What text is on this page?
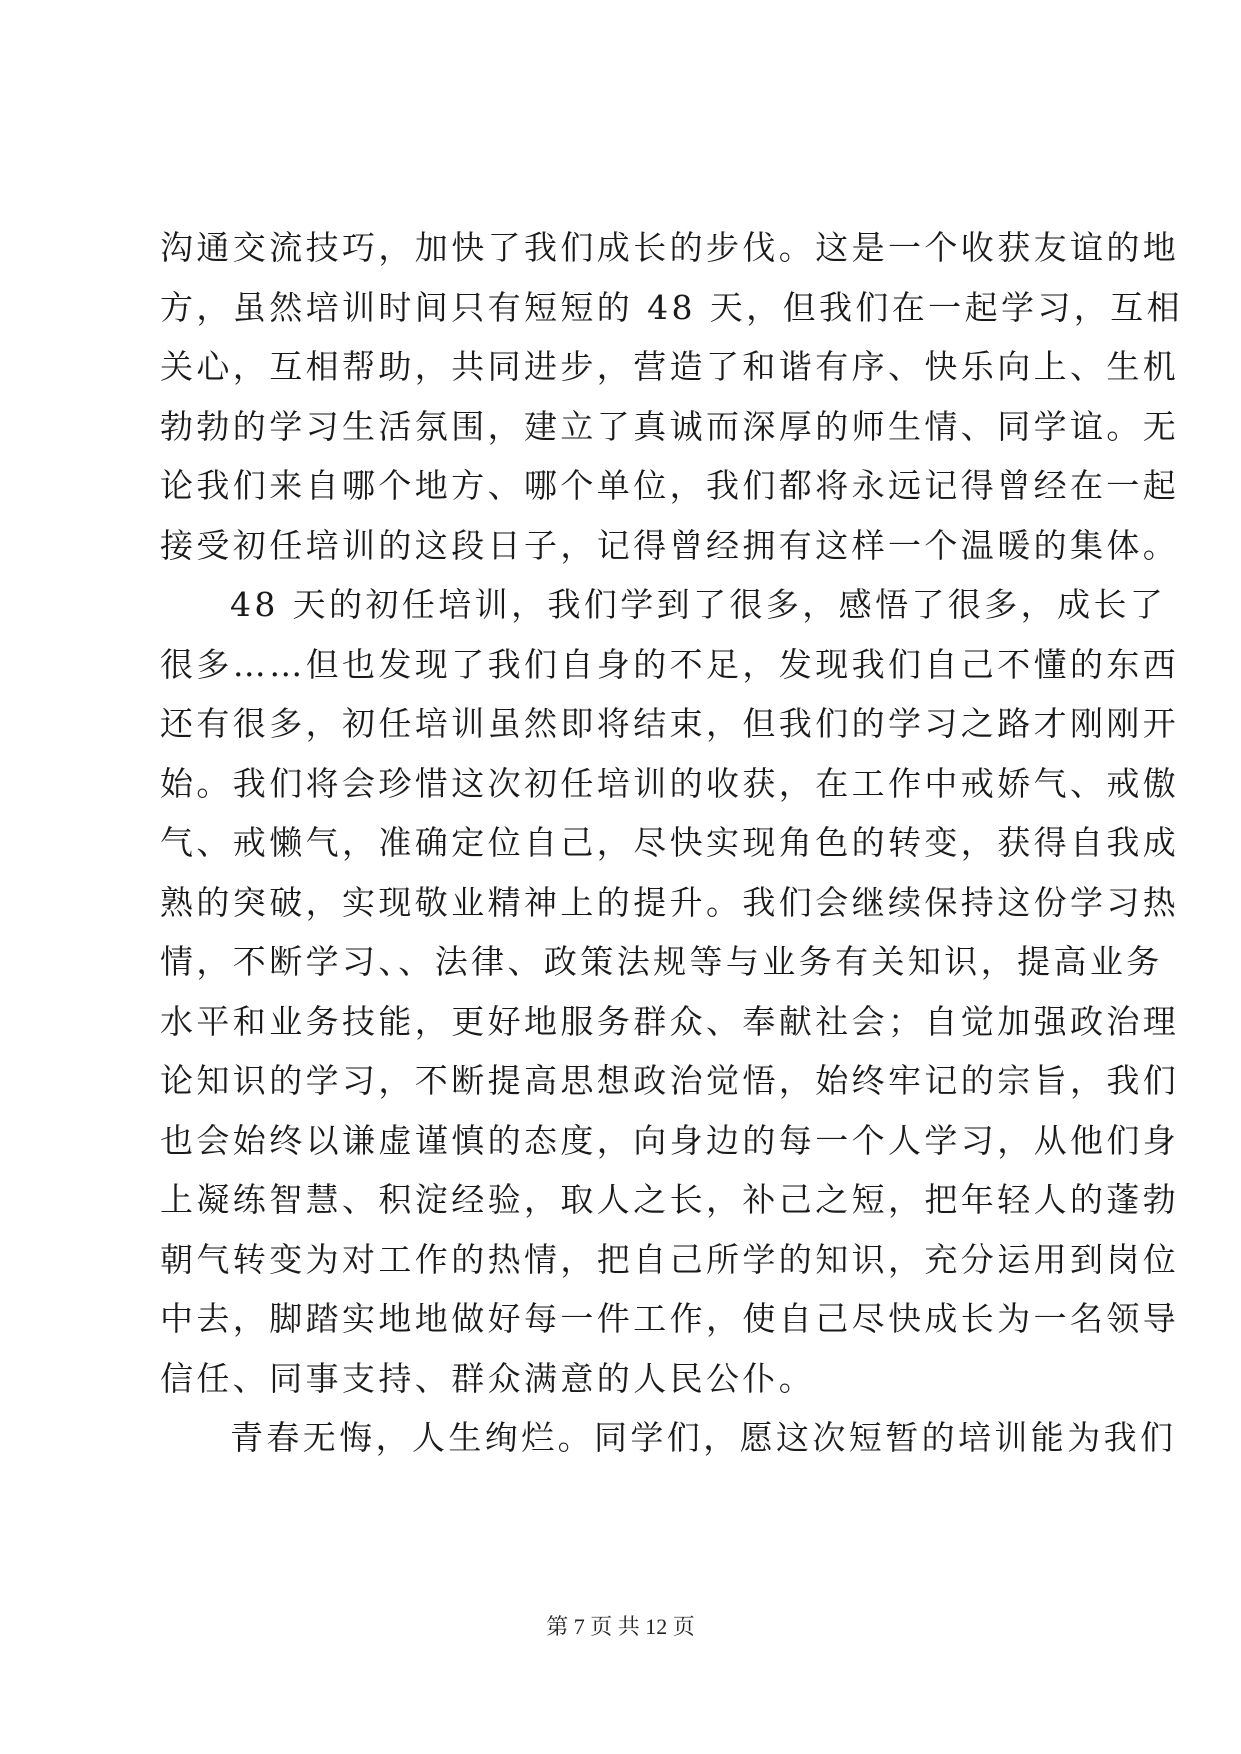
沟通交流技巧，加快了我们成长的步伐。这是一个收获友谊的地
方，虽然培训时间只有短短的 48 天，但我们在一起学习，互相
关心，互相帮助，共同进步，营造了和谐有序、快乐向上、生机
勃勃的学习生活氛围，建立了真诚而深厚的师生情、同学谊。无
论我们来自哪个地方、哪个单位，我们都将永远记得曾经在一起
接受初任培训的这段日子，记得曾经拥有这样一个温暖的集体。
48 天的初任培训，我们学到了很多，感悟了很多，成长了
很多……但也发现了我们自身的不足，发现我们自己不懂的东西
还有很多，初任培训虽然即将结束，但我们的学习之路才刚刚开
始。我们将会珍惜这次初任培训的收获，在工作中戒娇气、戒傲
气、戒懒气，准确定位自己，尽快实现角色的转变，获得自我成
熟的突破，实现敬业精神上的提升。我们会继续保持这份学习热
情，不断学习、、法律、政策法规等与业务有关知识，提高业务
水平和业务技能，更好地服务群众、奉献社会；自觉加强政治理
论知识的学习，不断提高思想政治觉悟，始终牢记的宗旨，我们
也会始终以谦虚谨慎的态度，向身边的每一个人学习，从他们身
上凝练智慧、积淀经验，取人之长，补己之短，把年轻人的蓬勃
朝气转变为对工作的热情，把自己所学的知识，充分运用到岗位
中去，脚踏实地地做好每一件工作，使自己尽快成长为一名领导
信任、同事支持、群众满意的人民公仆。
青春无悔，人生绚烂。同学们，愿这次短暂的培训能为我们
第 7 页 共 12 页
